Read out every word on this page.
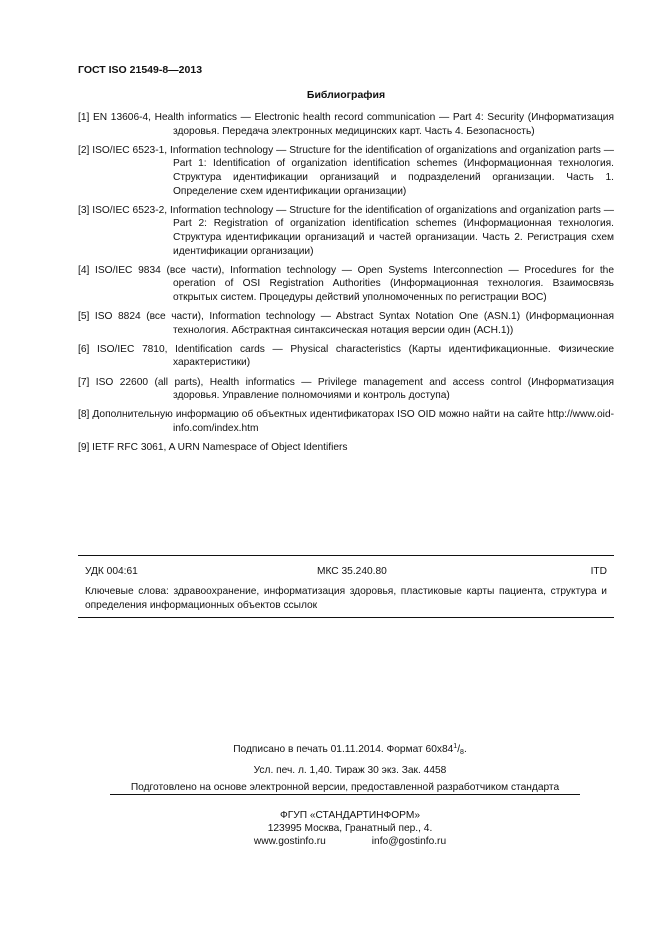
ГОСТ ISO 21549-8—2013
Библиография
[1] EN 13606-4, Health informatics — Electronic health record communication — Part 4: Security (Информатизация здоровья. Передача электронных медицинских карт. Часть 4. Безопасность)
[2] ISO/IEC 6523-1, Information technology — Structure for the identification of organizations and organization parts — Part 1: Identification of organization identification schemes (Информационная технология. Структура идентификации организаций и подразделений организации. Часть 1. Определение схем идентификации организации)
[3] ISO/IEC 6523-2, Information technology — Structure for the identification of organizations and organization parts — Part 2: Registration of organization identification schemes (Информационная технология. Структура идентификации организаций и частей организации. Часть 2. Регистрация схем идентификации организации)
[4] ISO/IEC 9834 (все части), Information technology — Open Systems Interconnection — Procedures for the operation of OSI Registration Authorities (Информационная технология. Взаимосвязь открытых систем. Процедуры действий уполномоченных по регистрации ВОС)
[5] ISO 8824 (все части), Information technology — Abstract Syntax Notation One (ASN.1) (Информационная технология. Абстрактная синтаксическая нотация версии один (АСН.1))
[6] ISO/IEC 7810, Identification cards — Physical characteristics (Карты идентификационные. Физические характеристики)
[7] ISO 22600 (all parts), Health informatics — Privilege management and access control (Информатизация здоровья. Управление полномочиями и контроль доступа)
[8] Дополнительную информацию об объектных идентификаторах ISO OID можно найти на сайте http://www.oid-info.com/index.htm
[9] IETF RFC 3061, A URN Namespace of Object Identifiers
УДК 004:61	МКС 35.240.80	ITD
Ключевые слова: здравоохранение, информатизация здоровья, пластиковые карты пациента, структура и определения информационных объектов ссылок
Подписано в печать 01.11.2014. Формат $60х84^1/_8$.
Усл. печ. л. 1,40. Тираж 30 экз. Зак. 4458
Подготовлено на основе электронной версии, предоставленной разработчиком стандарта
ФГУП «СТАНДАРТИНФОРМ»
123995 Москва, Гранатный пер., 4.
www.gostinfo.ru	info@gostinfo.ru
